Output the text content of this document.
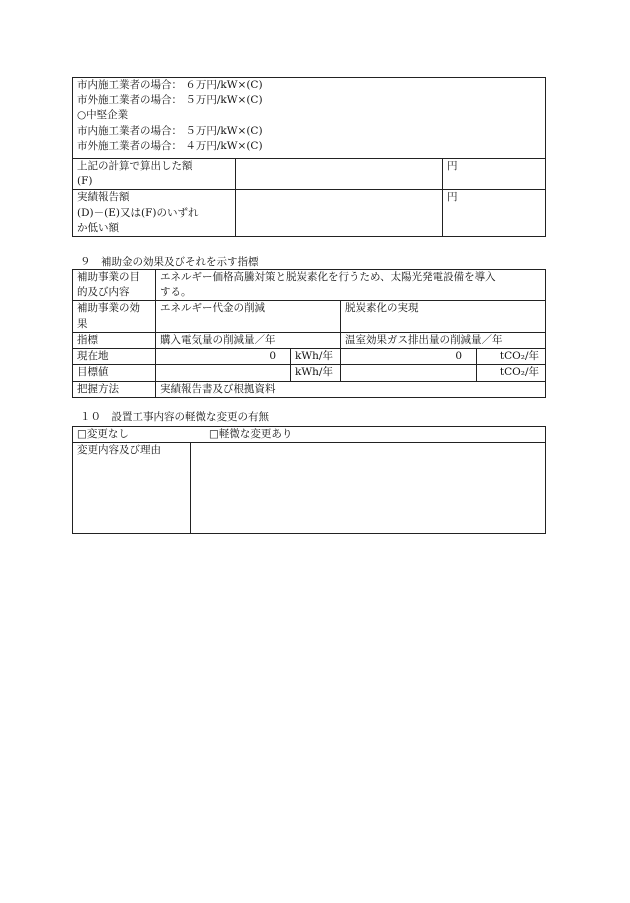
市内施工業者の場合： ６万円/kW×(C)
市外施工業者の場合： ５万円/kW×(C)
○中堅企業
市内施工業者の場合： ５万円/kW×(C)
市外施工業者の場合： ４万円/kW×(C)		

上記の計算で算出した額
(F)		円

実績報告額
(D)－(E)又は(F)のいずれ
か低い額		円
９　補助金の効果及びそれを示す指標
補助事業の目
的及び内容	エネルギー価格高騰対策と脱炭素化を行うため、太陽光発電設備を導入
する。			

補助事業の効
果	エネルギー代金の削減		脱炭素化の実現	
指標	購入電気量の削減量／年		温室効果ガス排出量の削減量／年	
現在地	0	kWh/年	0	tCO₂/年
目標値		kWh/年		tCO₂/年
把握方法	実績報告書及び根拠資料			
１０　設置工事内容の軽微な変更の有無
□変更なし	□軽微な変更あり
変更内容及び理由	
